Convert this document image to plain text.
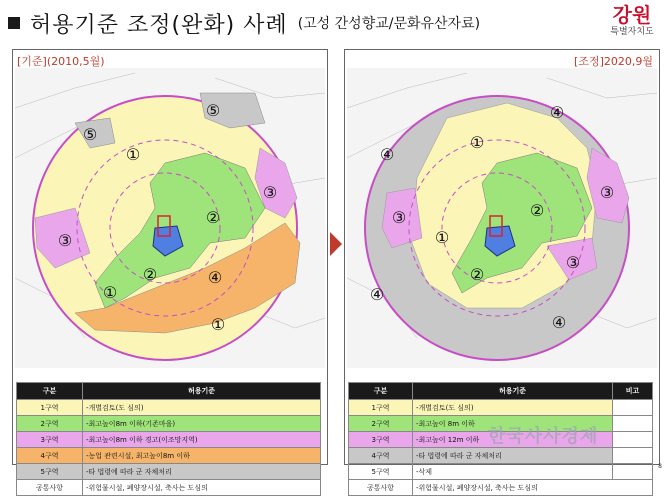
허용기준 조정(완화) 사례 (고성 간성향교/문화유산자료)	강원
특별자치도
[기준](2010,5월)
①
②
②
③
③
④
①
①
⑤
⑤
구분	허용기준
1구역	-개별검토(도 심의)
2구역	-최고높이8m 이하(기존마을)
3구역	-최고높이8m 이하 경고(이조망지역)
4구역	-농업 관련시설, 최고높이8m 이하
5구역	-타 법령에 따라 군 자체처리
공통사항	-위험물시설, 폐양장시설, 축사는 도심의
[조정]2020,9월
①
①
②
②
③
③
③
④
④
④
④
구분	허용기준	비고
1구역	-개별검토(도 심의)	
2구역	-최고높이 8m 이하	
3구역	-최고높이 12m 이하	
4구역	-타 법령에 따라 군 자체처리	
5구역	-삭제	
공통사항	-위험물시설, 폐양장시설, 축사는 도심의	
한국사사경제
8
